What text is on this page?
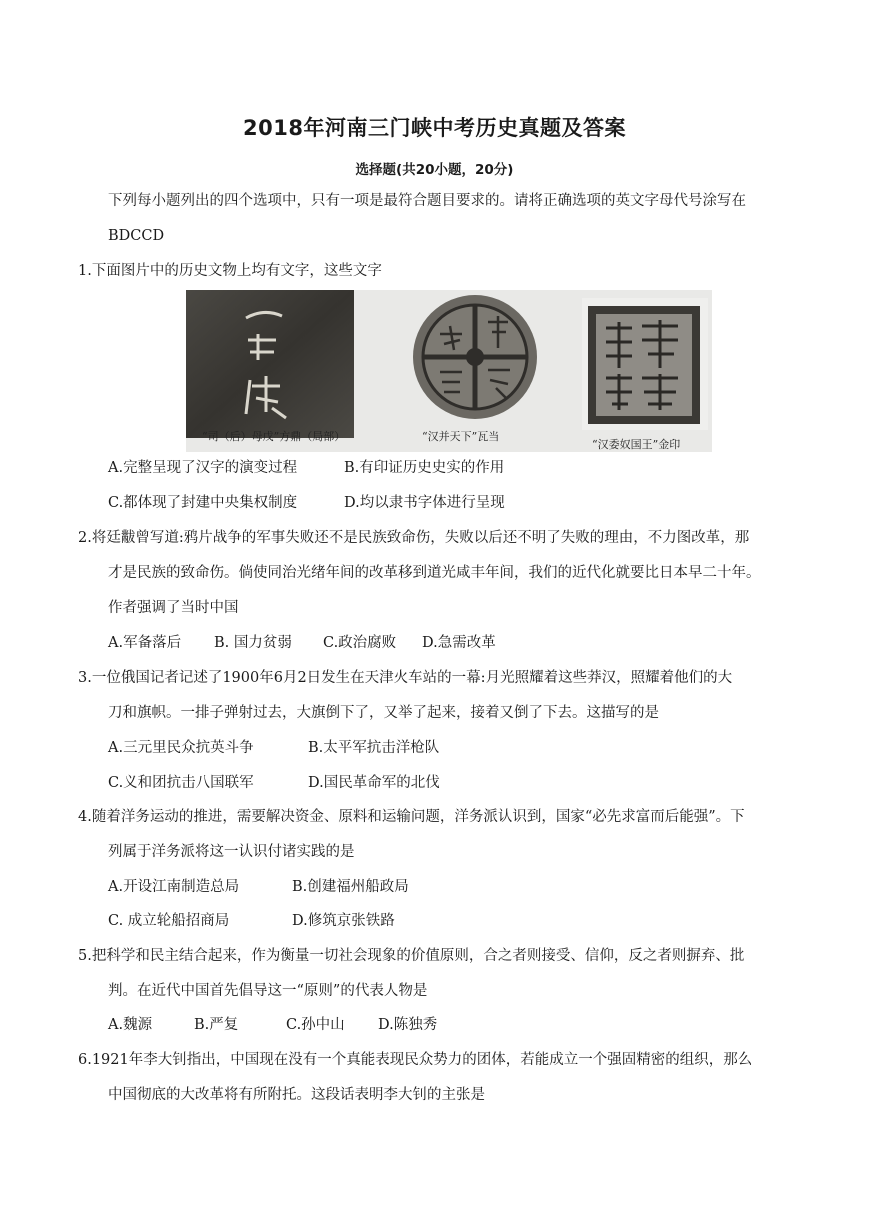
2018年河南三门峡中考历史真题及答案
选择题(共20小题，20分)
下列每小题列出的四个选项中，只有一项是最符合题目要求的。请将正确选项的英文字母代号涂写在
BDCCD
1.下面图片中的历史文物上均有文字，这些文字
“司（后）母戊”方鼎（局部）	“汉并天下”瓦当
“汉委奴国王”金印
A.完整呈现了汉字的演变过程	B.有印证历史史实的作用
C.都体现了封建中央集权制度	D.均以隶书字体进行呈现
2.将廷黻曾写道:鸦片战争的军事失败还不是民族致命伤，失败以后还不明了失败的理由，不力图改革，那
才是民族的致命伤。倘使同治光绪年间的改革移到道光咸丰年间，我们的近代化就要比日本早二十年。
作者强调了当时中国
A.军备落后 B. 国力贫弱 C.政治腐败 D.急需改革
3.一位俄国记者记述了1900年6月2日发生在天津火车站的一幕:月光照耀着这些莽汉，照耀着他们的大
刀和旗帜。一排子弹射过去，大旗倒下了，又举了起来，接着又倒了下去。这描写的是
A.三元里民众抗英斗争	B.太平军抗击洋枪队
C.义和团抗击八国联军	D.国民革命军的北伐
4.随着洋务运动的推进，需要解决资金、原料和运输问题，洋务派认识到，国家“必先求富而后能强”。下
列属于洋务派将这一认识付诸实践的是
A.开设江南制造总局	B.创建福州船政局
C. 成立轮船招商局	D.修筑京张铁路
5.把科学和民主结合起来，作为衡量一切社会现象的价值原则，合之者则接受、信仰，反之者则摒弃、批
判。在近代中国首先倡导这一“原则”的代表人物是
A.魏源	B.严复	C.孙中山 D.陈独秀
6.1921年李大钊指出，中国现在没有一个真能表现民众势力的团体，若能成立一个强固精密的组织，那么
中国彻底的大改革将有所附托。这段话表明李大钊的主张是
